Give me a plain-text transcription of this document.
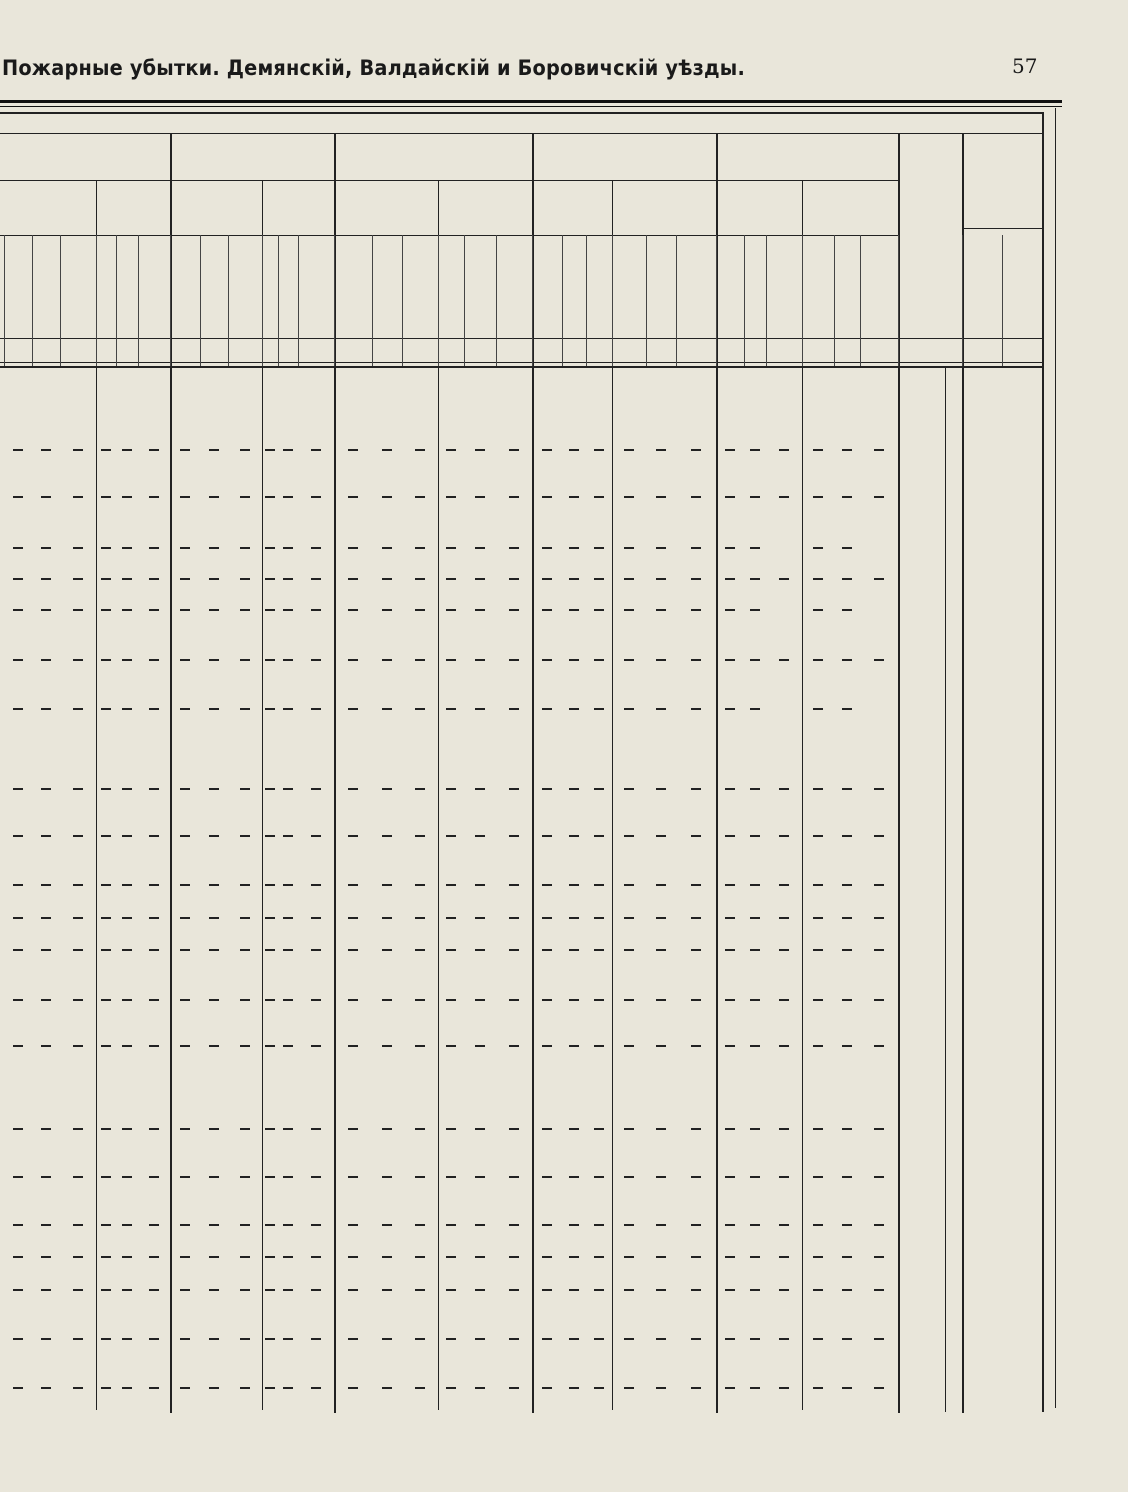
Пожарные убытки. Демянскій, Валдайскій и Боровичскій уѣзды.	57
